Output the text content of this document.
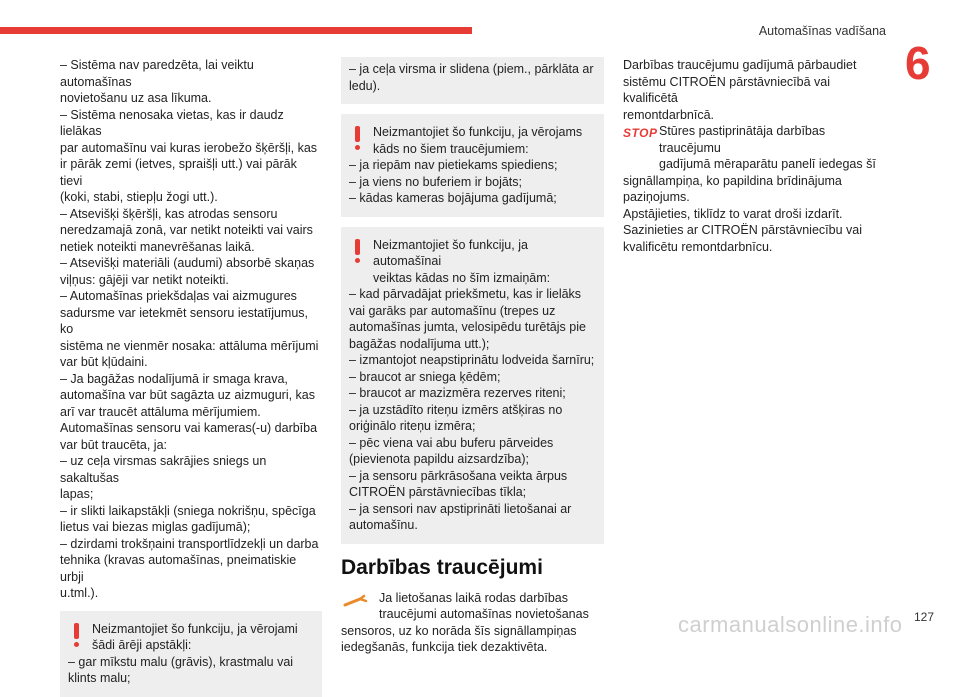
Automašīnas vadīšana
6

– Sistēma nav paredzēta, lai veiktu automašīnas

novietošanu uz asa līkuma.

– Sistēma nenosaka vietas, kas ir daudz lielākas

par automašīnu vai kuras ierobežo šķēršļi, kas

ir pārāk zemi (ietves, spraišļi utt.) vai pārāk tievi

(koki, stabi, stiepļu žogi utt.).

– Atsevišķi šķēršļi, kas atrodas sensoru

neredzamajā zonā, var netikt noteikti vai vairs

netiek noteikti manevrēšanas laikā.

– Atsevišķi materiāli (audumi) absorbē skaņas

viļņus: gājēji var netikt noteikti.

– Automašīnas priekšdaļas vai aizmugures

sadursme var ietekmēt sensoru iestatījumus, ko

sistēma ne vienmēr nosaka: attāluma mērījumi

var būt kļūdaini.

– Ja bagāžas nodalījumā ir smaga krava,

automašīna var būt sagāzta uz aizmuguri, kas

arī var traucēt attāluma mērījumiem.

Automašīnas sensoru vai kameras(-u) darbība

var būt traucēta, ja:

– uz ceļa virsmas sakrājies sniegs un sakaltušas

lapas;

– ir slikti laikapstākļi (sniega nokrišņu, spēcīga

lietus vai biezas miglas gadījumā);

– dzirdami trokšņaini transportlīdzekļi un darba

tehnika (kravas automašīnas, pneimatiskie urbji

u.tml.).

Neizmantojiet šo funkciju, ja vērojami

šādi ārēji apstākļi:

– gar mīkstu malu (grāvis), krastmalu vai

klints malu;

– ja ceļa virsma ir slidena (piem., pārklāta ar

ledu).

Neizmantojiet šo funkciju, ja vērojams

kāds no šiem traucējumiem:

– ja riepām nav pietiekams spiediens;

– ja viens no buferiem ir bojāts;

– kādas kameras bojājuma gadījumā;

Neizmantojiet šo funkciju, ja automašīnai

veiktas kādas no šīm izmaiņām:

– kad pārvadājat priekšmetu, kas ir lielāks

vai garāks par automašīnu (trepes uz

automašīnas jumta, velosipēdu turētājs pie

bagāžas nodalījuma utt.);

– izmantojot neapstiprinātu lodveida šarnīru;

– braucot ar sniega ķēdēm;

– braucot ar mazizmēra rezerves riteni;

– ja uzstādīto riteņu izmērs atšķiras no

oriģinālo riteņu izmēra;

– pēc viena vai abu buferu pārveides

(pievienota papildu aizsardzība);

– ja sensoru pārkrāsošana veikta ārpus

CITROËN pārstāvniecības tīkla;

– ja sensori nav apstiprināti lietošanai ar

automašīnu.

Darbības traucējumi

Ja lietošanas laikā rodas darbības

traucējumi automašīnas novietošanas

sensoros, uz ko norāda šīs signāllampiņas

iedegšanās, funkcija tiek dezaktivēta.

Darbības traucējumu gadījumā pārbaudiet

sistēmu CITROËN pārstāvniecībā vai kvalificētā

remontdarbnīcā.

STOP Stūres pastiprinātāja darbības traucējumu

gadījumā mēraparātu panelī iedegas šī

signāllampiņa, ko papildina brīdinājuma

paziņojums.

Apstājieties, tiklīdz to varat droši izdarīt.

Sazinieties ar CITROËN pārstāvniecību vai

kvalificētu remontdarbnīcu.

carmanualsonline.info 127
